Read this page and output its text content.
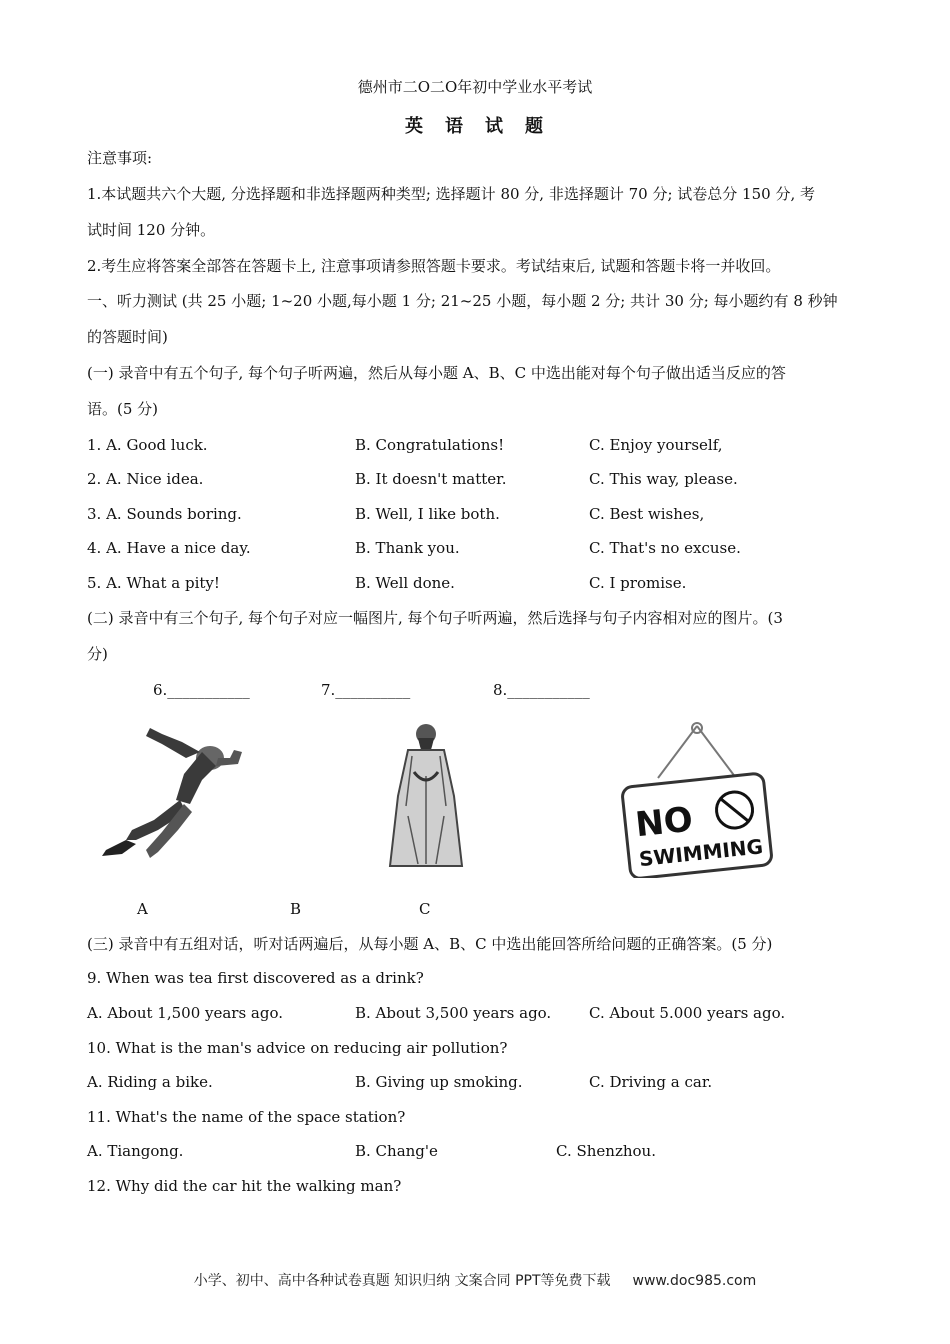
德州市二O二O年初中学业水平考试
英　语　试　题
注意事项:
1.本试题共六个大题, 分选择题和非选择题两种类型; 选择题计 80 分, 非选择题计 70 分; 试卷总分 150 分, 考
试时间 120 分钟。
2.考生应将答案全部答在答题卡上, 注意事项请参照答题卡要求。考试结束后, 试题和答题卡将一并收回。
一、听力测试 (共 25 小题; 1~20 小题,每小题 1 分; 21~25 小题，每小题 2 分; 共计 30 分; 每小题约有 8 秒钟
的答题时间)
(一) 录音中有五个句子, 每个句子听两遍，然后从每小题 A、B、C 中选出能对每个句子做出适当反应的答
语。(5 分)
1. A. Good luck.	B. Congratulations!	C. Enjoy yourself,
2. A. Nice idea.	B. It doesn't matter.	C. This way, please.
3. A. Sounds boring.	B. Well, I like both.	C. Best wishes,
4. A. Have a nice day.	B. Thank you.	C. That's no excuse.
5. A. What a pity!	B. Well done.	C. I promise.
(二) 录音中有三个句子, 每个句子对应一幅图片, 每个句子听两遍，然后选择与句子内容相对应的图片。(3
分)
6.___________	7.__________	8.___________
NO
SWIMMING
A	B	C
(三) 录音中有五组对话，听对话两遍后，从每小题 A、B、C 中选出能回答所给问题的正确答案。(5 分)
9. When was tea first discovered as a drink?
A. About 1,500 years ago.	B. About 3,500 years ago.	C. About 5.000 years ago.
10. What is the man's advice on reducing air pollution?
A. Riding a bike.	B. Giving up smoking.	C. Driving a car.
11. What's the name of the space station?
A. Tiangong.	B. Chang'e	C. Shenzhou.
12. Why did the car hit the walking man?
小学、初中、高中各种试卷真题 知识归纳 文案合同 PPT等免费下载 www.doc985.com
